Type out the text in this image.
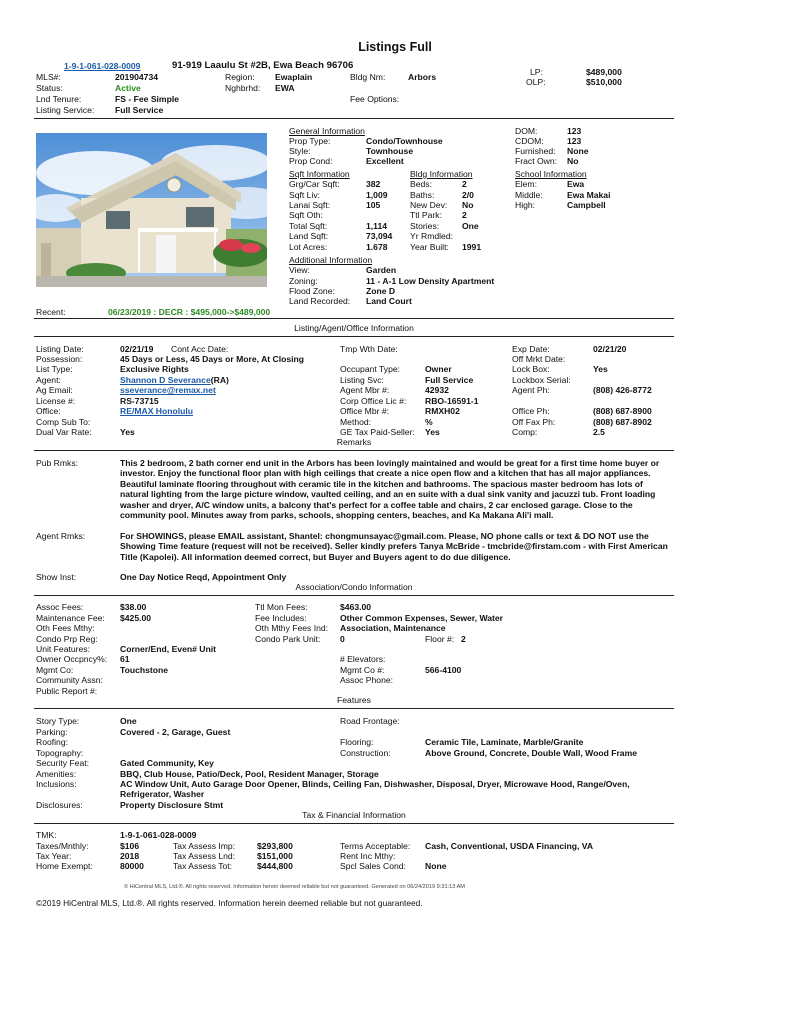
Listings Full
1-9-1-061-028-0009	91-919 Laaulu St #2B, Ewa Beach 96706
MLS#:	201904734	Region: Ewaplain	Bldg Nm:	Arbors	LP:	$489,000
OLP:	$510,000
Status:	Active	Nghbrhd: EWA
Lnd Tenure:	FS - Fee Simple	Fee Options:
Listing Service: Full Service
General Information
Prop Type:	Condo/Townhouse
Style:	Townhouse
Prop Cond:	Excellent
DOM:	123
CDOM:	123
Furnished: None
Fract Own: No
Sqft Information
Grg/Car Sqft:	382
Sqft Liv:	1,009
Lanai Sqft:	105
Sqft Oth:
Total Sqft:	1,114
Land Sqft:	73,094
Lot Acres:	1.678
Bldg Information
Beds:	2
Baths:	2/0
New Dev: No
Ttl Park: 2
Stories:	One
Yr Rmdled:
Year Built: 1991
School Information
Elem:	Ewa
Middle:	Ewa Makai
High:	Campbell
Additional Information
View:	Garden
Zoning:	11 - A-1 Low Density Apartment
Flood Zone:	Zone D
Land Recorded: Land Court
Recent:	06/23/2019 : DECR : $495,000->$489,000
Listing/Agent/Office Information
Listing Date:	02/21/19 Cont Acc Date:
Possession:	45 Days or Less, 45 Days or More, At Closing
List Type:	Exclusive Rights
Agent:	Shannon D Severance(RA)
Ag Email:	sseverance@remax.net
License #:	RS-73715
Office:	RE/MAX Honolulu
Comp Sub To:
Dual Var Rate:	Yes
Tmp Wth Date:
Occupant Type:	Owner
Listing Svc:	Full Service
Agent Mbr #:	42932
Corp Office Lic #: RBO-16591-1
Office Mbr #:	RMXH02
Method:	%
GE Tax Paid-Seller: Yes
Exp Date:	02/21/20
Off Mrkt Date:
Lock Box:	Yes
Lockbox Serial:
Agent Ph:	(808) 426-8772
Office Ph:	(808) 687-8900
Off Fax Ph:	(808) 687-8902
Comp:	2.5
Remarks
Pub Rmks:	This 2 bedroom, 2 bath corner end unit in the Arbors has been lovingly maintained and would be great for a first time home buyer or investor. Enjoy the functional floor plan with high ceilings that create a nice open flow and a kitchen that has all major appliances. Beautiful laminate flooring throughout with ceramic tile in the kitchen and bathrooms. The spacious master bedroom has lots of natural lighting from the large picture window, vaulted ceiling, and an en suite with a dual sink vanity and jacuzzi tub. Front loading washer and dryer, A/C window units, a balcony that's perfect for a coffee table and chairs, 2 car enclosed garage. Close to the community pool. Minutes away from parks, schools, shopping centers, beaches, and Ka Makana Ali'i mall.
Agent Rmks:	For SHOWINGS, please EMAIL assistant, Shantel: chongmunsayac@gmail.com. Please, NO phone calls or text & DO NOT use the Showing Time feature (request will not be received). Seller kindly prefers Tanya McBride - tmcbride@firstam.com - with First American Title (Kapolei). All information deemed correct, but Buyer and Buyers agent to do due diligence.
Show Inst:	One Day Notice Reqd, Appointment Only
Association/Condo Information
Assoc Fees:	$38.00
Maintenance Fee: $425.00
Oth Fees Mthy:
Condo Prp Reg:
Unit Features:	Corner/End, Even# Unit
Owner Occpncy%: 61
Mgmt Co:	Touchstone
Community Assn:
Public Report #:
Ttl Mon Fees:	$463.00
Fee Includes:	Other Common Expenses, Sewer, Water
Oth Mthy Fees Ind: Association, Maintenance
Condo Park Unit: 0	Floor #: 2
# Elevators:
Mgmt Co #:	566-4100
Assoc Phone:
Features
Story Type:	One	Road Frontage:
Parking:	Covered - 2, Garage, Guest
Roofing:	Flooring:	Ceramic Tile, Laminate, Marble/Granite
Topography:	Construction:	Above Ground, Concrete, Double Wall, Wood Frame
Security Feat:	Gated Community, Key
Amenities:	BBQ, Club House, Patio/Deck, Pool, Resident Manager, Storage
Inclusions:	AC Window Unit, Auto Garage Door Opener, Blinds, Ceiling Fan, Dishwasher, Disposal, Dryer, Microwave Hood, Range/Oven, Refrigerator, Washer
Disclosures:	Property Disclosure Stmt
Tax & Financial Information
TMK:	1-9-1-061-028-0009
Taxes/Mnthly:	$106
Tax Year:	2018
Home Exempt:	80000
Tax Assess Imp:	$293,800
Tax Assess Lnd:	$151,000
Tax Assess Tot:	$444,800
Terms Acceptable: Cash, Conventional, USDA Financing, VA
Rent Inc Mthy:
Spcl Sales Cond: None
© HiCentral MLS, Ltd.®. All rights reserved. Information herein deemed reliable but not guaranteed. Generated on 06/24/2019 9:31:13 AM
©2019 HiCentral MLS, Ltd.®. All rights reserved. Information herein deemed reliable but not guaranteed.
